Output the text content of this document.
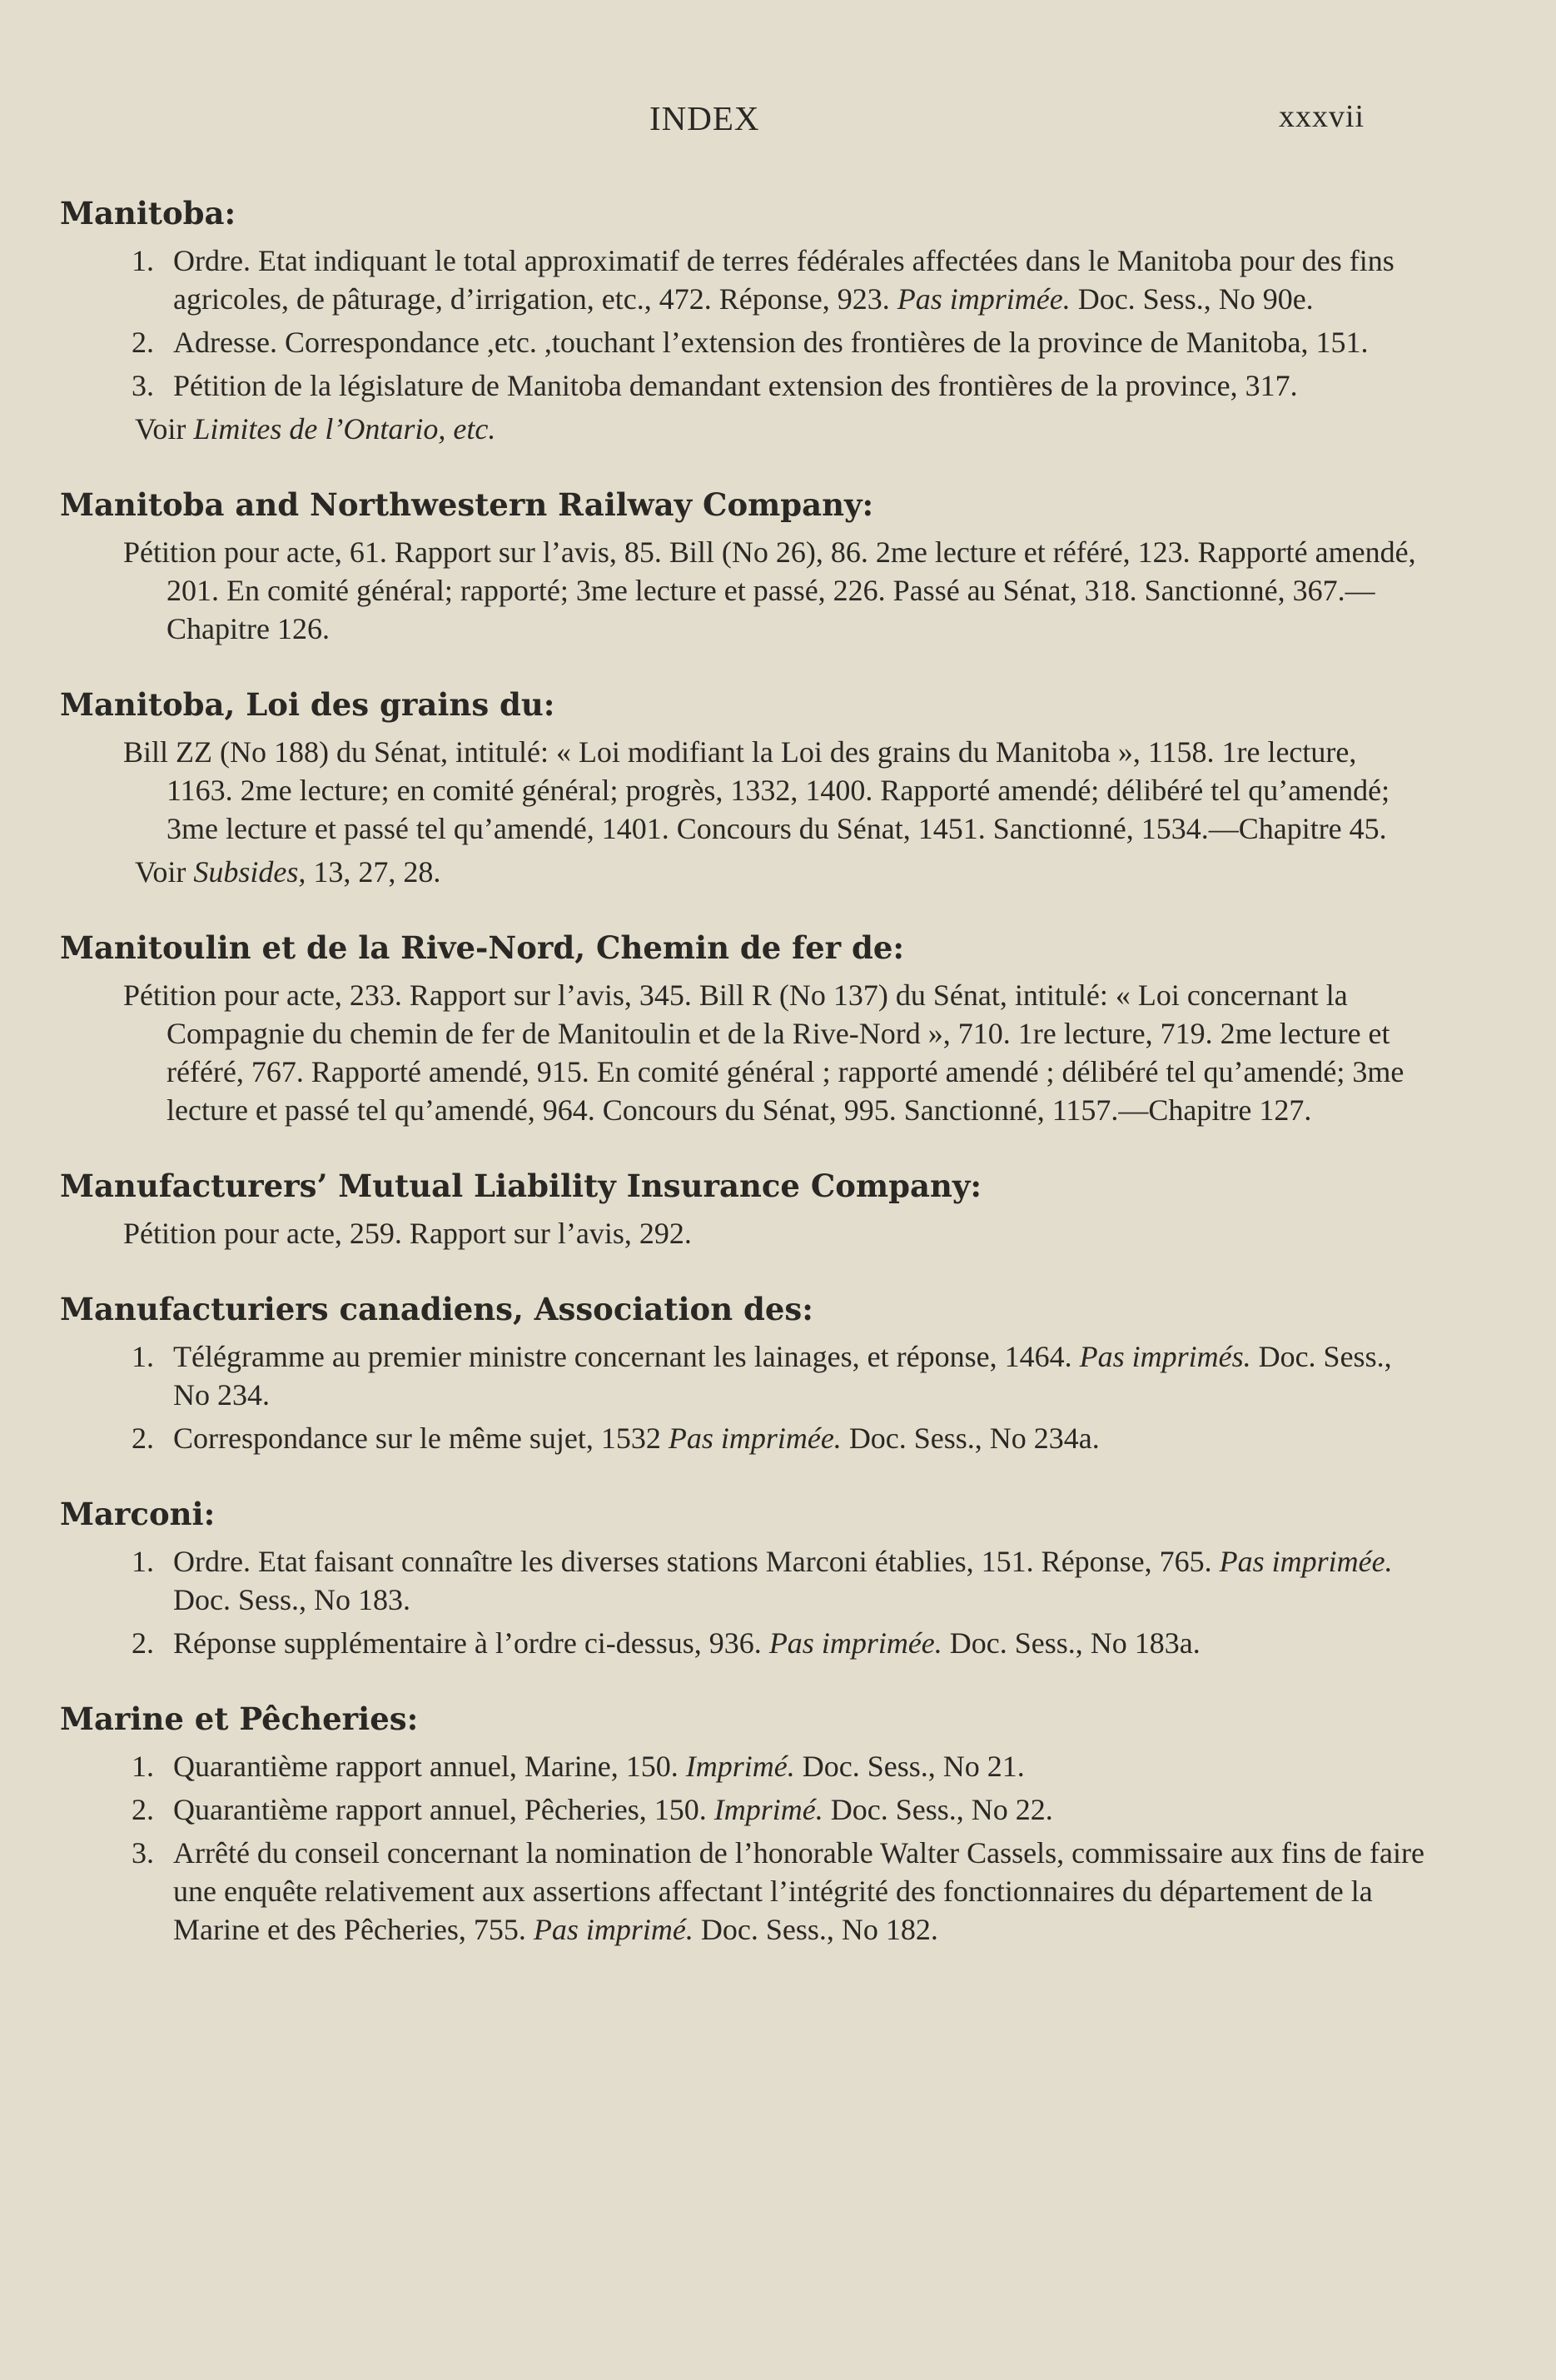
INDEX	xxxvii
Manitoba:
1. Ordre. Etat indiquant le total approximatif de terres fédérales affectées dans le Manitoba pour des fins agricoles, de pâturage, d’irrigation, etc., 472. Réponse, 923. Pas imprimée. Doc. Sess., No 90e.
2. Adresse. Correspondance ,etc. ,touchant l’extension des frontières de la province de Manitoba, 151.
3. Pétition de la législature de Manitoba demandant extension des frontières de la province, 317.
Voir Limites de l’Ontario, etc.
Manitoba and Northwestern Railway Company:
Pétition pour acte, 61. Rapport sur l’avis, 85. Bill (No 26), 86. 2me lecture et référé, 123. Rapporté amendé, 201. En comité général; rapporté; 3me lecture et passé, 226. Passé au Sénat, 318. Sanctionné, 367.—Chapitre 126.
Manitoba, Loi des grains du:
Bill ZZ (No 188) du Sénat, intitulé: « Loi modifiant la Loi des grains du Manitoba », 1158. 1re lecture, 1163. 2me lecture; en comité général; progrès, 1332, 1400. Rapporté amendé; délibéré tel qu’amendé; 3me lecture et passé tel qu’amendé, 1401. Concours du Sénat, 1451. Sanctionné, 1534.—Chapitre 45.
Voir Subsides, 13, 27, 28.
Manitoulin et de la Rive-Nord, Chemin de fer de:
Pétition pour acte, 233. Rapport sur l’avis, 345. Bill R (No 137) du Sénat, intitulé: « Loi concernant la Compagnie du chemin de fer de Manitoulin et de la Rive-Nord », 710. 1re lecture, 719. 2me lecture et référé, 767. Rapporté amendé, 915. En comité général ; rapporté amendé ; délibéré tel qu’amendé; 3me lecture et passé tel qu’amendé, 964. Concours du Sénat, 995. Sanctionné, 1157.—Chapitre 127.
Manufacturers’ Mutual Liability Insurance Company:
Pétition pour acte, 259. Rapport sur l’avis, 292.
Manufacturiers canadiens, Association des:
1. Télégramme au premier ministre concernant les lainages, et réponse, 1464. Pas imprimés. Doc. Sess., No 234.
2. Correspondance sur le même sujet, 1532 Pas imprimée. Doc. Sess., No 234a.
Marconi:
1. Ordre. Etat faisant connaître les diverses stations Marconi établies, 151. Réponse, 765. Pas imprimée. Doc. Sess., No 183.
2. Réponse supplémentaire à l’ordre ci-dessus, 936. Pas imprimée. Doc. Sess., No 183a.
Marine et Pêcheries:
1. Quarantième rapport annuel, Marine, 150. Imprimé. Doc. Sess., No 21.
2. Quarantième rapport annuel, Pêcheries, 150. Imprimé. Doc. Sess., No 22.
3. Arrêté du conseil concernant la nomination de l’honorable Walter Cassels, commissaire aux fins de faire une enquête relativement aux assertions affectant l’intégrité des fonctionnaires du département de la Marine et des Pêcheries, 755. Pas imprimé. Doc. Sess., No 182.
